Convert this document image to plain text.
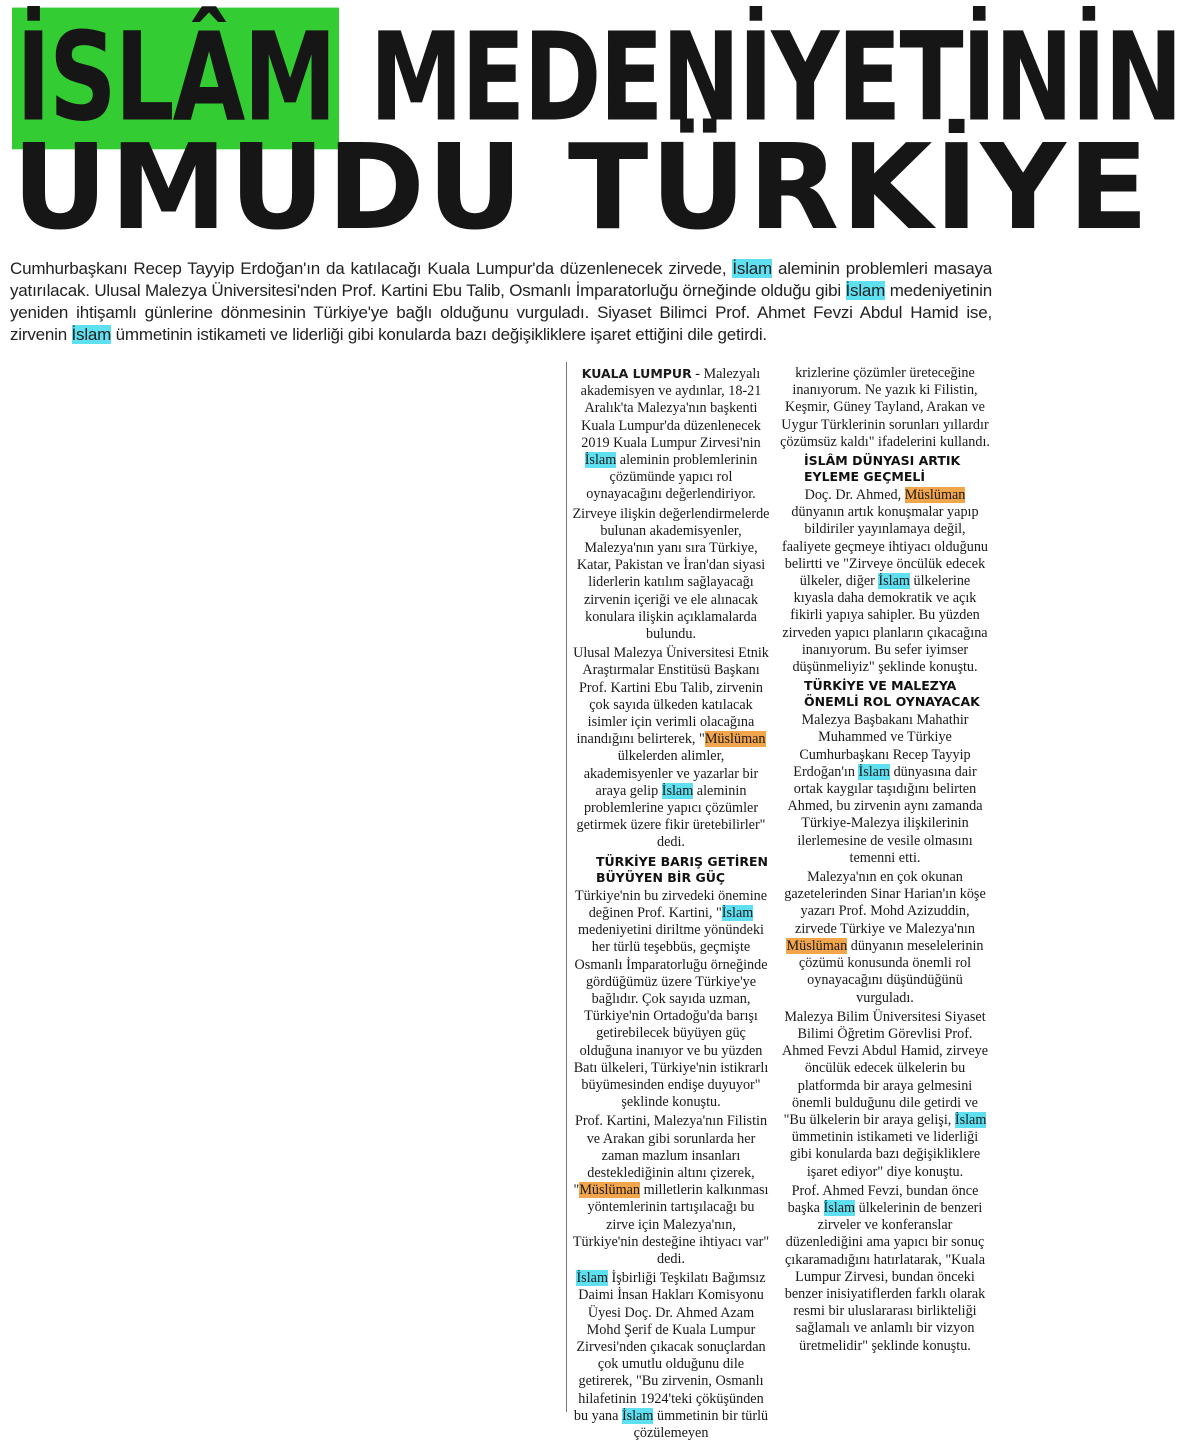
İSLÂM MEDENİYETİNİN
UMUDU TÜRKİYE
Cumhurbaşkanı Recep Tayyip Erdoğan'ın da katılacağı Kuala Lumpur'da düzenlenecek zirvede, İslam aleminin problemleri masaya yatırılacak. Ulusal Malezya Üniversitesi'nden Prof. Kartini Ebu Talib, Osmanlı İmparatorluğu örneğinde olduğu gibi İslam medeniyetinin yeniden ihtişamlı günlerine dönmesinin Türkiye'ye bağlı olduğunu vurguladı. Siyaset Bilimci Prof. Ahmet Fevzi Abdul Hamid ise, zirvenin İslam ümmetinin istikameti ve liderliği gibi konularda bazı değişikliklere işaret ettiğini dile getirdi.

KUALA LUMPUR - Malezyalı akademisyen ve aydınlar, 18-21 Aralık'ta Malezya'nın başkenti Kuala Lumpur'da düzenlenecek 2019 Kuala Lumpur Zirvesi'nin İslam aleminin problemlerinin çözümünde yapıcı rol oynayacağını değerlendiriyor.

Zirveye ilişkin değerlendirmelerde bulunan akademisyenler, Malezya'nın yanı sıra Türkiye, Katar, Pakistan ve İran'dan siyasi liderlerin katılım sağlayacağı zirvenin içeriği ve ele alınacak konulara ilişkin açıklamalarda bulundu.

Ulusal Malezya Üniversitesi Etnik Araştırmalar Enstitüsü Başkanı Prof. Kartini Ebu Talib, zirvenin çok sayıda ülkeden katılacak isimler için verimli olacağına inandığını belirterek, "Müslüman ülkelerden alimler, akademisyenler ve yazarlar bir araya gelip İslam aleminin problemlerine yapıcı çözümler getirmek üzere fikir üretebilirler" dedi.

TÜRKİYE BARIŞ GETİREN BÜYÜYEN BİR GÜÇ

Türkiye'nin bu zirvedeki önemine değinen Prof. Kartini, "İslam medeniyetini diriltme yönündeki her türlü teşebbüs, geçmişte Osmanlı İmparatorluğu örneğinde gördüğümüz üzere Türkiye'ye bağlıdır. Çok sayıda uzman, Türkiye'nin Ortadoğu'da barışı getirebilecek büyüyen güç olduğuna inanıyor ve bu yüzden Batı ülkeleri, Türkiye'nin istikrarlı büyümesinden endişe duyuyor" şeklinde konuştu.

Prof. Kartini, Malezya'nın Filistin ve Arakan gibi sorunlarda her zaman mazlum insanları desteklediğinin altını çizerek, "Müslüman milletlerin kalkınması yöntemlerinin tartışılacağı bu zirve için Malezya'nın, Türkiye'nin desteğine ihtiyacı var" dedi.

İslam İşbirliği Teşkilatı Bağımsız Daimi İnsan Hakları Komisyonu Üyesi Doç. Dr. Ahmed Azam Mohd Şerif de Kuala Lumpur Zirvesi'nden çıkacak sonuçlardan çok umutlu olduğunu dile getirerek, "Bu zirvenin, Osmanlı hilafetinin 1924'teki çöküşünden bu yana İslam ümmetinin bir türlü çözülemeyen

krizlerine çözümler üreteceğine inanıyorum. Ne yazık ki Filistin, Keşmir, Güney Tayland, Arakan ve Uygur Türklerinin sorunları yıllardır çözümsüz kaldı" ifadelerini kullandı.

İSLÂM DÜNYASI ARTIK EYLEME GEÇMELİ

Doç. Dr. Ahmed, Müslüman dünyanın artık konuşmalar yapıp bildiriler yayınlamaya değil, faaliyete geçmeye ihtiyacı olduğunu belirtti ve "Zirveye öncülük edecek ülkeler, diğer İslam ülkelerine kıyasla daha demokratik ve açık fikirli yapıya sahipler. Bu yüzden zirveden yapıcı planların çıkacağına inanıyorum. Bu sefer iyimser düşünmeliyiz" şeklinde konuştu.

TÜRKİYE VE MALEZYA ÖNEMLİ ROL OYNAYACAK

Malezya Başbakanı Mahathir Muhammed ve Türkiye Cumhurbaşkanı Recep Tayyip Erdoğan'ın İslam dünyasına dair ortak kaygılar taşıdığını belirten Ahmed, bu zirvenin aynı zamanda Türkiye-Malezya ilişkilerinin ilerlemesine de vesile olmasını temenni etti.

Malezya'nın en çok okunan gazetelerinden Sinar Harian'ın köşe yazarı Prof. Mohd Azizuddin, zirvede Türkiye ve Malezya'nın Müslüman dünyanın meselelerinin çözümü konusunda önemli rol oynayacağını düşündüğünü vurguladı.

Malezya Bilim Üniversitesi Siyaset Bilimi Öğretim Görevlisi Prof. Ahmed Fevzi Abdul Hamid, zirveye öncülük edecek ülkelerin bu platformda bir araya gelmesini önemli bulduğunu dile getirdi ve "Bu ülkelerin bir araya gelişi, İslam ümmetinin istikameti ve liderliği gibi konularda bazı değişikliklere işaret ediyor" diye konuştu.

Prof. Ahmed Fevzi, bundan önce başka İslam ülkelerinin de benzeri zirveler ve konferanslar düzenlediğini ama yapıcı bir sonuç çıkaramadığını hatırlatarak, "Kuala Lumpur Zirvesi, bundan önceki benzer inisiyatiflerden farklı olarak resmi bir uluslararası birlikteliği sağlamalı ve anlamlı bir vizyon üretmelidir" şeklinde konuştu.
